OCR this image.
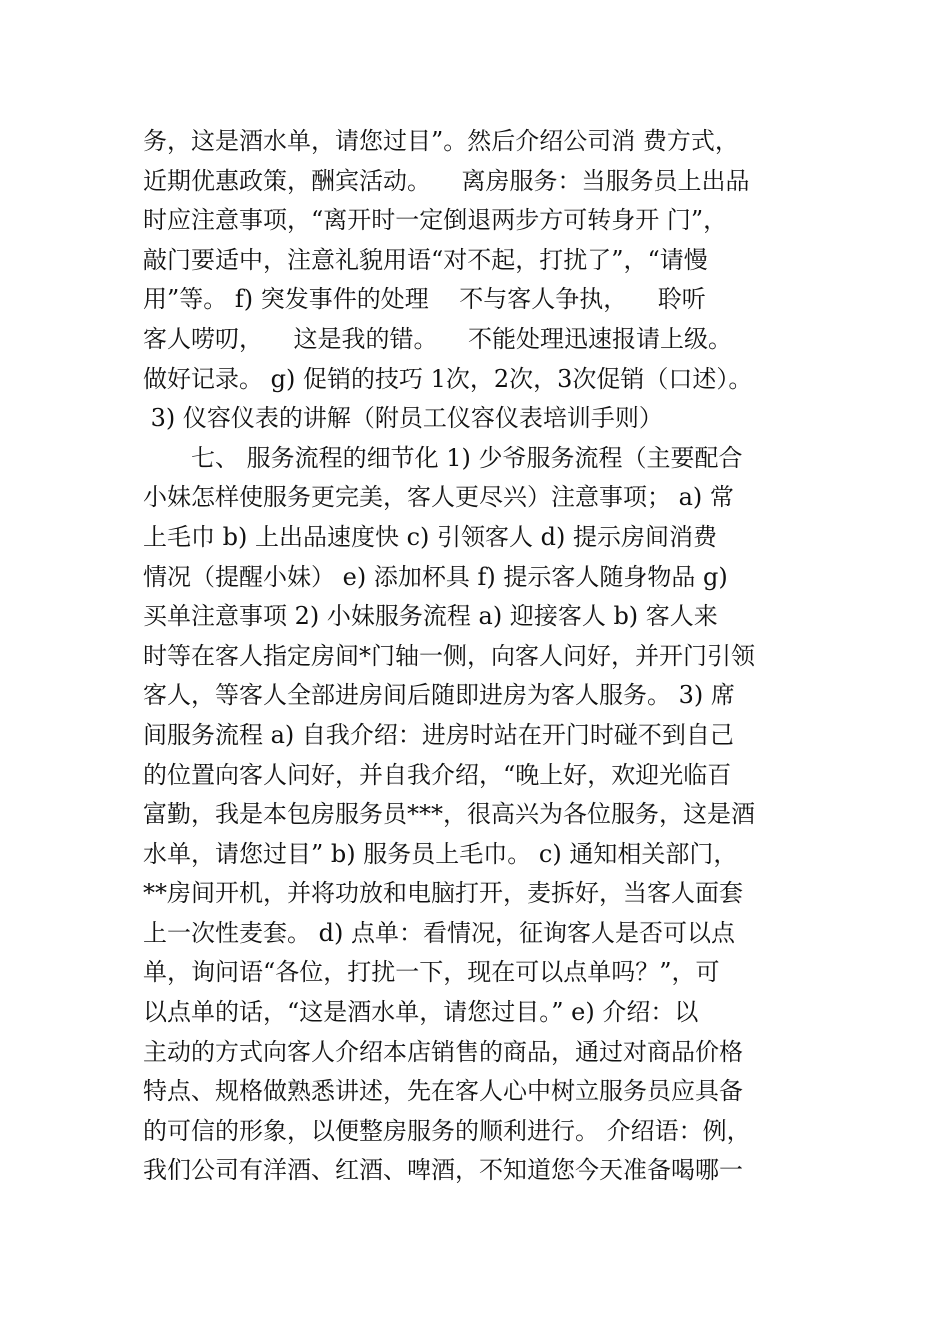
务，这是酒水单，请您过目”。然后介绍公司消 费方式，
近期优惠政策，酬宾活动。    离房服务：当服务员上出品
时应注意事项，“离开时一定倒退两步方可转身开 门”，
敲门要适中，注意礼貌用语“对不起，打扰了”，“请慢
用”等。 f) 突发事件的处理    不与客人争执，    聆听
客人唠叨，    这是我的错。    不能处理迅速报请上级。
做好记录。 g) 促销的技巧 1次，2次，3次促销（口述）。
3) 仪容仪表的讲解（附员工仪容仪表培训手则）
七、 服务流程的细节化 1) 少爷服务流程（主要配合
小妹怎样使服务更完美，客人更尽兴）注意事项； a) 常
上毛巾 b) 上出品速度快 c) 引领客人 d) 提示房间消费
情况（提醒小妹） e) 添加杯具 f) 提示客人随身物品 g)
买单注意事项 2) 小妹服务流程 a) 迎接客人 b) 客人来
时等在客人指定房间*门轴一侧，向客人问好，并开门引领
客人，等客人全部进房间后随即进房为客人服务。 3) 席
间服务流程 a) 自我介绍：进房时站在开门时碰不到自己
的位置向客人问好，并自我介绍，“晚上好，欢迎光临百
富勤，我是本包房服务员***，很高兴为各位服务，这是酒
水单，请您过目” b) 服务员上毛巾。 c) 通知相关部门，
**房间开机，并将功放和电脑打开，麦拆好，当客人面套
上一次性麦套。 d) 点单：看情况，征询客人是否可以点
单，询问语“各位，打扰一下，现在可以点单吗？”，可
以点单的话，“这是酒水单，请您过目。” e) 介绍：以
主动的方式向客人介绍本店销售的商品，通过对商品价格
特点、规格做熟悉讲述，先在客人心中树立服务员应具备
的可信的形象，以便整房服务的顺利进行。 介绍语：例，
我们公司有洋酒、红酒、啤酒，不知道您今天准备喝哪一
